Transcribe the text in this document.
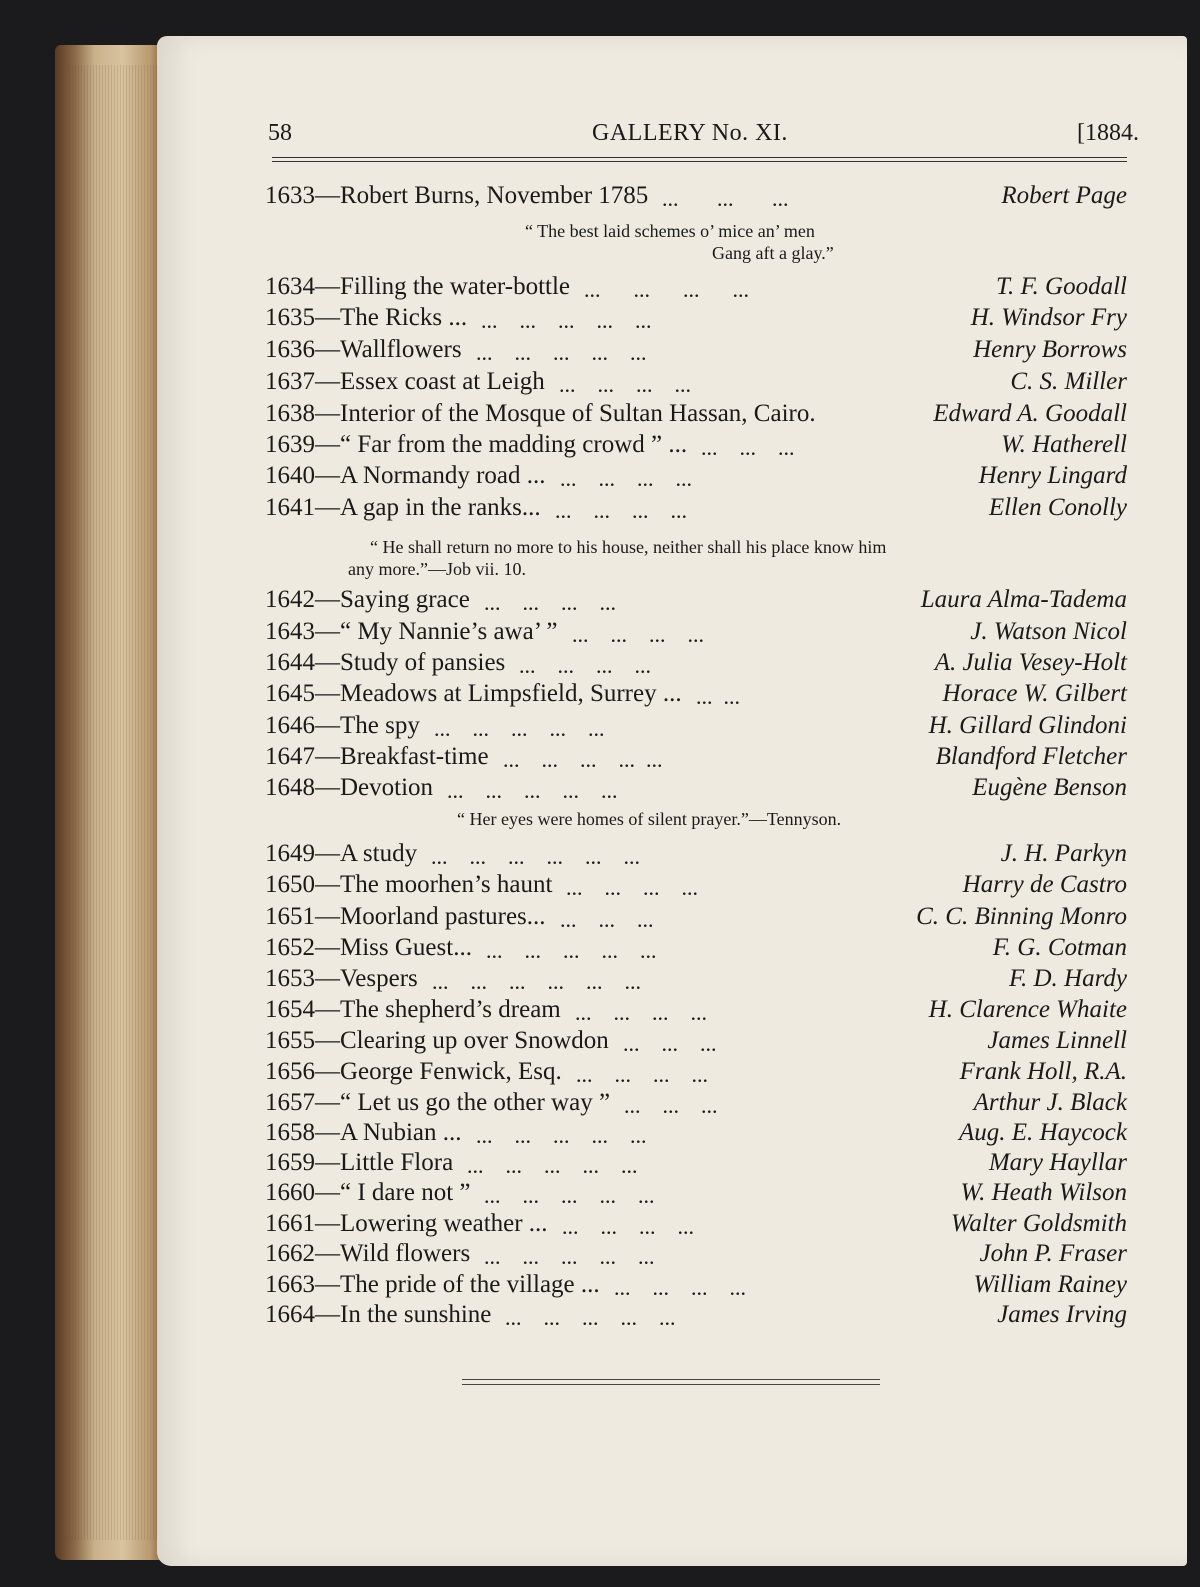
58	GALLERY No. XI.	[1884.
1633—Robert Burns, November 1785 ...       ...       ...	Robert Page
1634—Filling the water-bottle ...      ...      ...      ...	T. F. Goodall
1635—The Ricks ... ...    ...    ...    ...    ...	H. Windsor Fry
1636—Wallflowers ...    ...    ...    ...    ...	Henry Borrows
1637—Essex coast at Leigh ...    ...    ...    ...	C. S. Miller
1638—Interior of the Mosque of Sultan Hassan, Cairo.	Edward A. Goodall
1639—“ Far from the madding crowd ” ... ...    ...    ...	W. Hatherell
1640—A Normandy road ... ...    ...    ...    ...	Henry Lingard
1641—A gap in the ranks... ...    ...    ...    ...	Ellen Conolly
1642—Saying grace ...    ...    ...    ...	Laura Alma-Tadema
1643—“ My Nannie’s awa’ ” ...    ...    ...    ...	J. Watson Nicol
1644—Study of pansies ...    ...    ...    ...	A. Julia Vesey-Holt
1645—Meadows at Limpsfield, Surrey ... ...  ...	Horace W. Gilbert
1646—The spy ...    ...    ...    ...    ...	H. Gillard Glindoni
1647—Breakfast-time ...    ...    ...    ...  ...	Blandford Fletcher
1648—Devotion ...    ...    ...    ...    ...	Eugène Benson
1649—A study ...    ...    ...    ...    ...    ...	J. H. Parkyn
1650—The moorhen’s haunt ...    ...    ...    ...	Harry de Castro
1651—Moorland pastures... ...    ...    ...	C. C. Binning Monro
1652—Miss Guest... ...    ...    ...    ...    ...	F. G. Cotman
1653—Vespers ...    ...    ...    ...    ...    ...	F. D. Hardy
1654—The shepherd’s dream ...    ...    ...    ...	H. Clarence Whaite
1655—Clearing up over Snowdon ...    ...    ...	James Linnell
1656—George Fenwick, Esq. ...    ...    ...    ...	Frank Holl, R.A.
1657—“ Let us go the other way ” ...    ...    ...	Arthur J. Black
1658—A Nubian ... ...    ...    ...    ...    ...	Aug. E. Haycock
1659—Little Flora ...    ...    ...    ...    ...	Mary Hayllar
1660—“ I dare not ” ...    ...    ...    ...    ...	W. Heath Wilson
1661—Lowering weather ... ...    ...    ...    ...	Walter Goldsmith
1662—Wild flowers ...    ...    ...    ...    ...	John P. Fraser
1663—The pride of the village ... ...    ...    ...    ...	William Rainey
1664—In the sunshine ...    ...    ...    ...    ...	James Irving
“ The best laid schemes o’ mice an’ men
Gang aft a glay.”
“ He shall return no more to his house, neither shall his place know him
any more.”—Job vii. 10.
“ Her eyes were homes of silent prayer.”—Tennyson.
